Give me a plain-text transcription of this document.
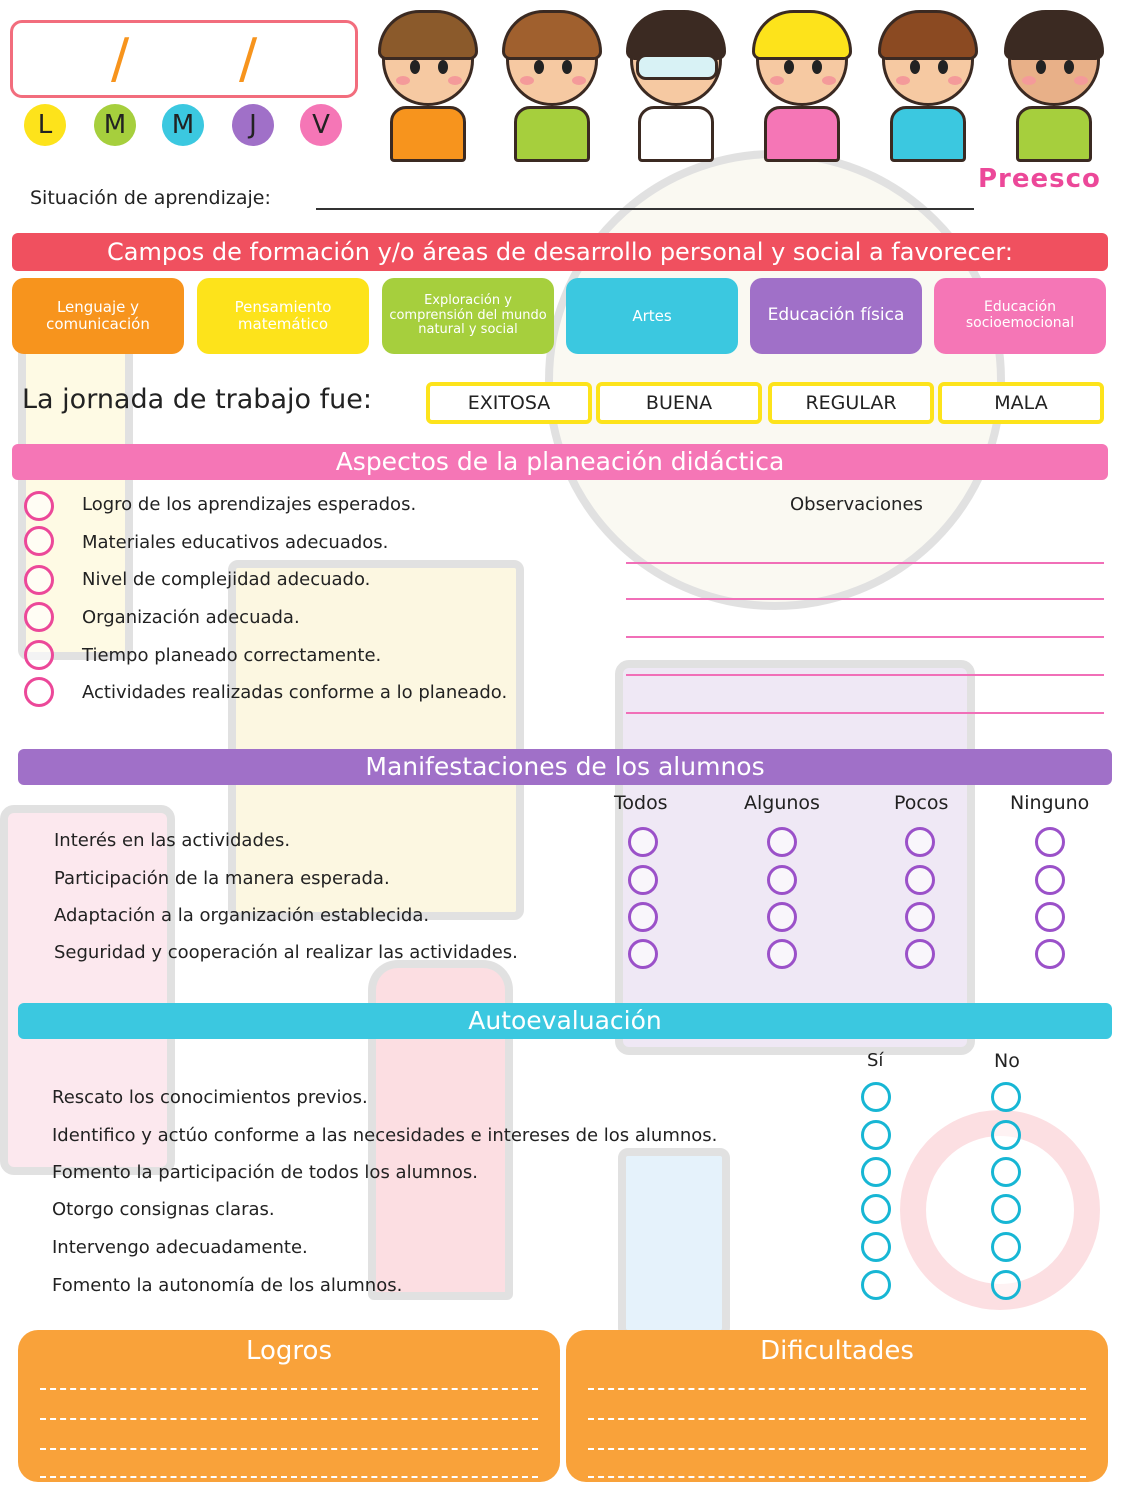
/ /
L	M	M	J	V
Preesco
Situación de aprendizaje:
Campos de formación y/o áreas de desarrollo personal y social a favorecer:
Lenguaje y comunicación
Pensamiento matemático
Exploración y comprensión del mundo natural y social
Artes	Educación física	Educación socioemocional
La jornada de trabajo fue:	EXITOSA	BUENA	REGULAR	MALA
Aspectos de la planeación didáctica
Logro de los aprendizajes esperados.
Materiales educativos adecuados.
Nivel de complejidad adecuado.
Organización adecuada.
Tiempo planeado correctamente.
Actividades realizadas conforme a lo planeado.
Observaciones
Manifestaciones de los alumnos
Todos	Algunos	Pocos	Ninguno
Interés en las actividades.
Participación de la manera esperada.
Adaptación a la organización establecida.
Seguridad y cooperación al realizar las actividades.
Autoevaluación
Sí	No
Rescato los conocimientos previos.
Identifico y actúo conforme a las necesidades e intereses de los alumnos.
Fomento la participación de todos los alumnos.
Otorgo consignas claras.
Intervengo adecuadamente.
Fomento la autonomía de los alumnos.
Logros	Dificultades
